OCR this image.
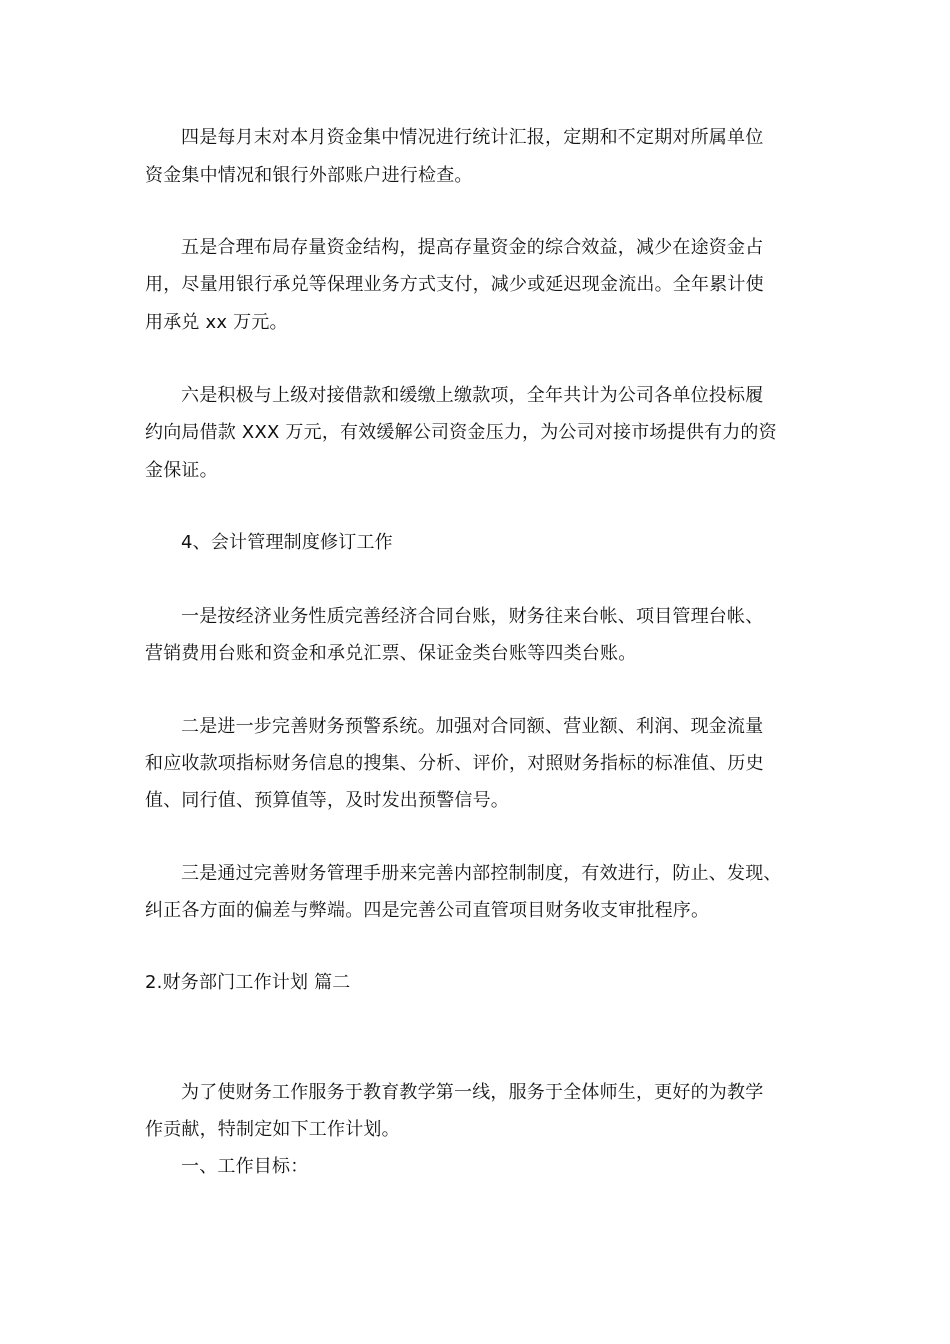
四是每月末对本月资金集中情况进行统计汇报，定期和不定期对所属单位
资金集中情况和银行外部账户进行检查。
五是合理布局存量资金结构，提高存量资金的综合效益，减少在途资金占
用，尽量用银行承兑等保理业务方式支付，减少或延迟现金流出。全年累计使
用承兑 xx 万元。
六是积极与上级对接借款和缓缴上缴款项，全年共计为公司各单位投标履
约向局借款 XXX 万元，有效缓解公司资金压力，为公司对接市场提供有力的资
金保证。
4、会计管理制度修订工作
一是按经济业务性质完善经济合同台账，财务往来台帐、项目管理台帐、
营销费用台账和资金和承兑汇票、保证金类台账等四类台账。
二是进一步完善财务预警系统。加强对合同额、营业额、利润、现金流量
和应收款项指标财务信息的搜集、分析、评价，对照财务指标的标准值、历史
值、同行值、预算值等，及时发出预警信号。
三是通过完善财务管理手册来完善内部控制制度，有效进行，防止、发现、
纠正各方面的偏差与弊端。四是完善公司直管项目财务收支审批程序。
2.财务部门工作计划 篇二
为了使财务工作服务于教育教学第一线，服务于全体师生，更好的为教学
作贡献，特制定如下工作计划。
一、工作目标：
